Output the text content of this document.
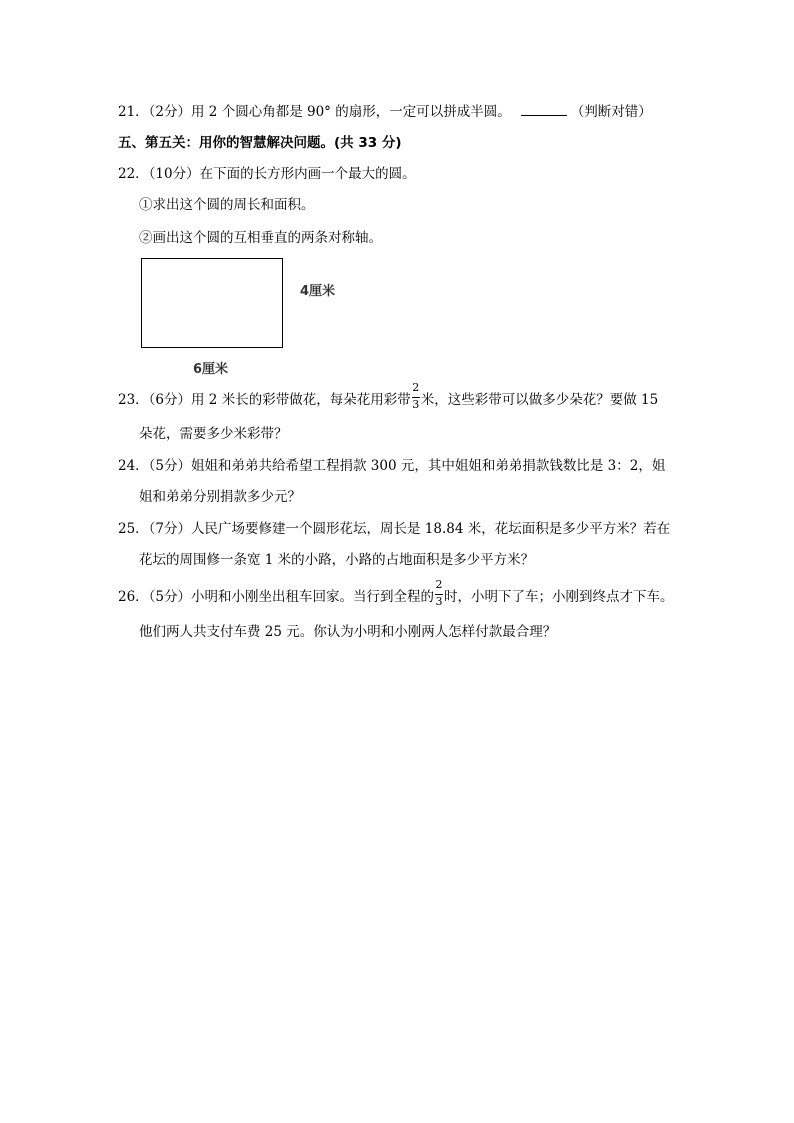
21．（2分）用 2 个圆心角都是 90° 的扇形，一定可以拼成半圆。	（判断对错）
五、第五关：用你的智慧解决问题。(共 33 分)
22．（10分）在下面的长方形内画一个最大的圆。
①求出这个圆的周长和面积。
②画出这个圆的互相垂直的两条对称轴。
4厘米
6厘米
23．（6分）用 2 米长的彩带做花，每朵花用彩带 $\frac{2}{3}$ 米，这些彩带可以做多少朵花？要做 15
朵花，需要多少米彩带？
24．（5分）姐姐和弟弟共给希望工程捐款 300 元，其中姐姐和弟弟捐款钱数比是 3：2，姐
姐和弟弟分别捐款多少元？
25．（7分）人民广场要修建一个圆形花坛，周长是 18.84 米，花坛面积是多少平方米？若在
花坛的周围修一条宽 1 米的小路，小路的占地面积是多少平方米？
26．（5分）小明和小刚坐出租车回家。当行到全程的 $\frac{2}{3}$ 时，小明下了车；小刚到终点才下车。
他们两人共支付车费 25 元。你认为小明和小刚两人怎样付款最合理？
